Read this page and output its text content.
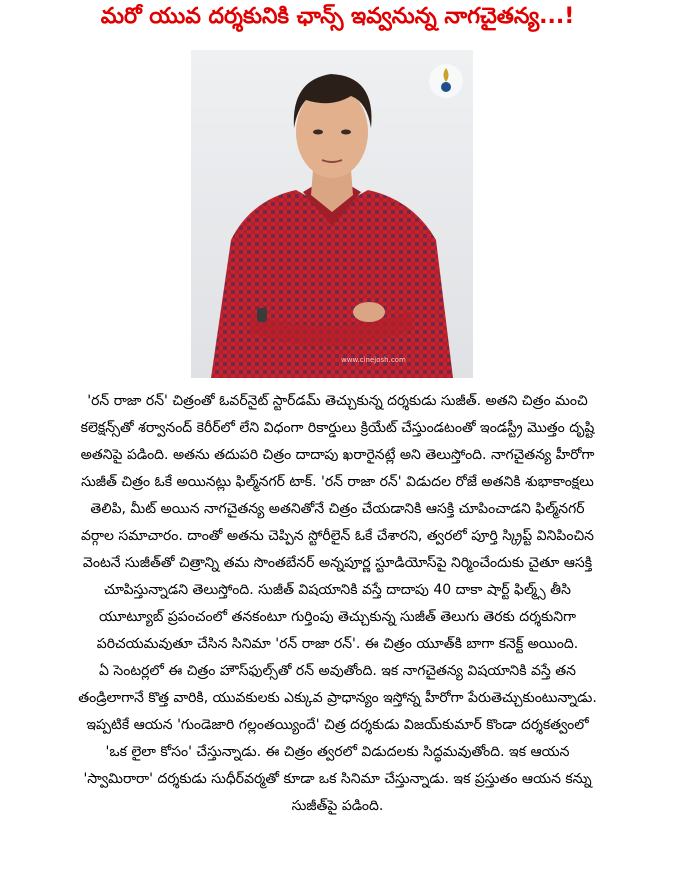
మరో యువ దర్శకునికి ఛాన్స్ ఇవ్వనున్న నాగచైతన్య...!
www.cinejosh.com
'రన్ రాజా రన్' చిత్రంతో ఓవర్‌నైట్ స్టార్‌డమ్ తెచ్చుకున్న దర్శకుడు సుజీత్. అతని చిత్రం మంచి
కలెక్షన్స్‌తో శర్వానంద్ కెరీర్‌లో లేని విధంగా రికార్డులు క్రియేట్ చేస్తుండటంతో ఇండస్ట్రీ మొత్తం దృష్టి
అతనిపై పడింది. అతను తదుపరి చిత్రం దాదాపు ఖరారైనట్లే అని తెలుస్తోంది. నాగచైతన్య హీరోగా
సుజీత్ చిత్రం ఓకే అయినట్లు ఫిల్మ్‌నగర్ టాక్. 'రన్ రాజా రన్' విడుదల రోజే అతనికి శుభాకాంక్షలు
తెలిపి, మీట్ అయిన నాగచైతన్య అతనితోనే చిత్రం చేయడానికి ఆసక్తి చూపించాడని ఫిల్మ్‌నగర్
వర్గాల సమాచారం. దాంతో అతను చెప్పిన స్టోరీలైన్ ఓకే చేశారని, త్వరలో పూర్తి స్క్రిప్ట్ వినిపించిన
వెంటనే సుజీత్‌తో చిత్రాన్ని తమ సొంతబేనర్ అన్నపూర్ణ స్టూడియోస్‌పై నిర్మించేందుకు చైతూ ఆసక్తి
చూపిస్తున్నాడని తెలుస్తోంది. సుజీత్ విషయానికి వస్తే దాదాపు 40 దాకా షార్ట్ ఫిల్మ్స్ తీసి
యూట్యూబ్ ప్రపంచంలో తనకంటూ గుర్తింపు తెచ్చుకున్న సుజీత్ తెలుగు తెరకు దర్శకునిగా
పరిచయమవుతూ చేసిన సినిమా 'రన్ రాజా రన్'. ఈ చిత్రం యూత్‌కి బాగా కనెక్ట్ అయింది.
ఏ సెంటర్లలో ఈ చిత్రం హౌస్‌ఫుల్స్‌తో రన్ అవుతోంది. ఇక నాగచైతన్య విషయానికి వస్తే తన
తండ్రిలాగానే కొత్త వారికి, యువకులకు ఎక్కువ ప్రాధాన్యం ఇస్తోన్న హీరోగా పేరుతెచ్చుకుంటున్నాడు.
ఇప్పటికే ఆయన 'గుండెజారి గల్లంతయ్యిందే' చిత్ర దర్శకుడు విజయ్‌కుమార్ కొండా దర్శకత్వంలో
'ఒక లైలా కోసం' చేస్తున్నాడు. ఈ చిత్రం త్వరలో విడుదలకు సిద్ధమవుతోంది. ఇక ఆయన
'స్వామిరారా' దర్శకుడు సుధీర్‌వర్మతో కూడా ఒక సినిమా చేస్తున్నాడు. ఇక ప్రస్తుతం ఆయన కన్ను
సుజీత్‌పై పడింది.
